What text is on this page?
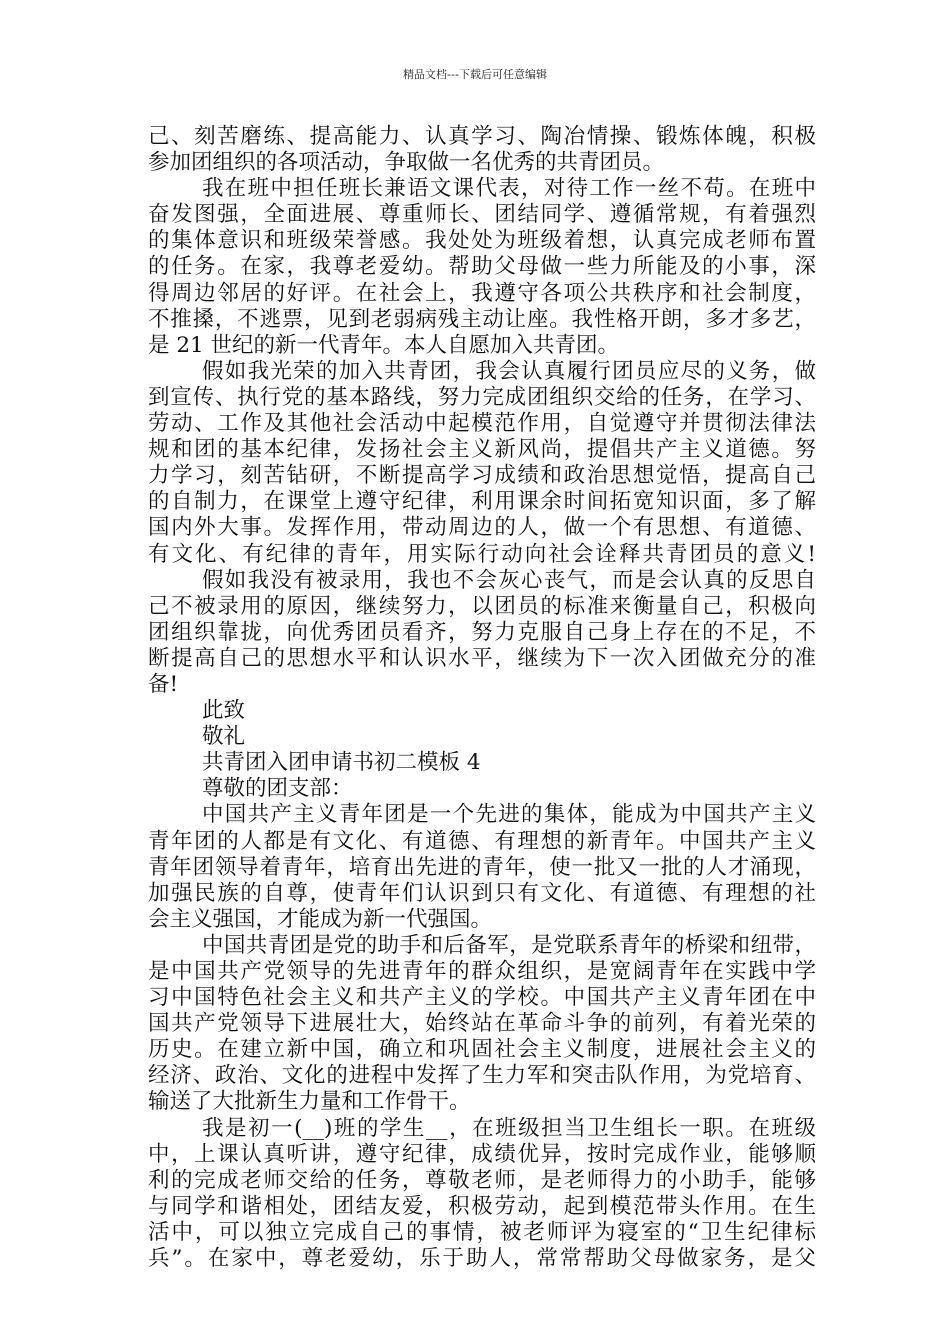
精品文档---下载后可任意编辑
己、刻苦磨练、提高能力、认真学习、陶冶情操、锻炼体魄，积极
参加团组织的各项活动，争取做一名优秀的共青团员。
我在班中担任班长兼语文课代表，对待工作一丝不苟。在班中
奋发图强，全面进展、尊重师长、团结同学、遵循常规，有着强烈
的集体意识和班级荣誉感。我处处为班级着想，认真完成老师布置
的任务。在家，我尊老爱幼。帮助父母做一些力所能及的小事，深
得周边邻居的好评。在社会上，我遵守各项公共秩序和社会制度，
不推搡，不逃票，见到老弱病残主动让座。我性格开朗，多才多艺，
是 21 世纪的新一代青年。本人自愿加入共青团。
假如我光荣的加入共青团，我会认真履行团员应尽的义务，做
到宣传、执行党的基本路线，努力完成团组织交给的任务，在学习、
劳动、工作及其他社会活动中起模范作用，自觉遵守并贯彻法律法
规和团的基本纪律，发扬社会主义新风尚，提倡共产主义道德。努
力学习，刻苦钻研，不断提高学习成绩和政治思想觉悟，提高自己
的自制力，在课堂上遵守纪律，利用课余时间拓宽知识面，多了解
国内外大事。发挥作用，带动周边的人，做一个有思想、有道德、
有文化、有纪律的青年，用实际行动向社会诠释共青团员的意义!
假如我没有被录用，我也不会灰心丧气，而是会认真的反思自
己不被录用的原因，继续努力，以团员的标准来衡量自己，积极向
团组织靠拢，向优秀团员看齐，努力克服自己身上存在的不足，不
断提高自己的思想水平和认识水平，继续为下一次入团做充分的准
备!
此致
敬礼
共青团入团申请书初二模板 4
尊敬的团支部：
中国共产主义青年团是一个先进的集体，能成为中国共产主义
青年团的人都是有文化、有道德、有理想的新青年。中国共产主义
青年团领导着青年，培育出先进的青年，使一批又一批的人才涌现，
加强民族的自尊，使青年们认识到只有文化、有道德、有理想的社
会主义强国，才能成为新一代强国。
中国共青团是党的助手和后备军，是党联系青年的桥梁和纽带，
是中国共产党领导的先进青年的群众组织，是宽阔青年在实践中学
习中国特色社会主义和共产主义的学校。中国共产主义青年团在中
国共产党领导下进展壮大，始终站在革命斗争的前列，有着光荣的
历史。在建立新中国，确立和巩固社会主义制度，进展社会主义的
经济、政治、文化的进程中发挥了生力军和突击队作用，为党培育、
输送了大批新生力量和工作骨干。
我是初一(__)班的学生__，在班级担当卫生组长一职。在班级
中，上课认真听讲，遵守纪律，成绩优异，按时完成作业，能够顺
利的完成老师交给的任务，尊敬老师，是老师得力的小助手，能够
与同学和谐相处，团结友爱，积极劳动，起到模范带头作用。在生
活中，可以独立完成自己的事情，被老师评为寝室的“卫生纪律标
兵”。在家中，尊老爱幼，乐于助人，常常帮助父母做家务，是父
